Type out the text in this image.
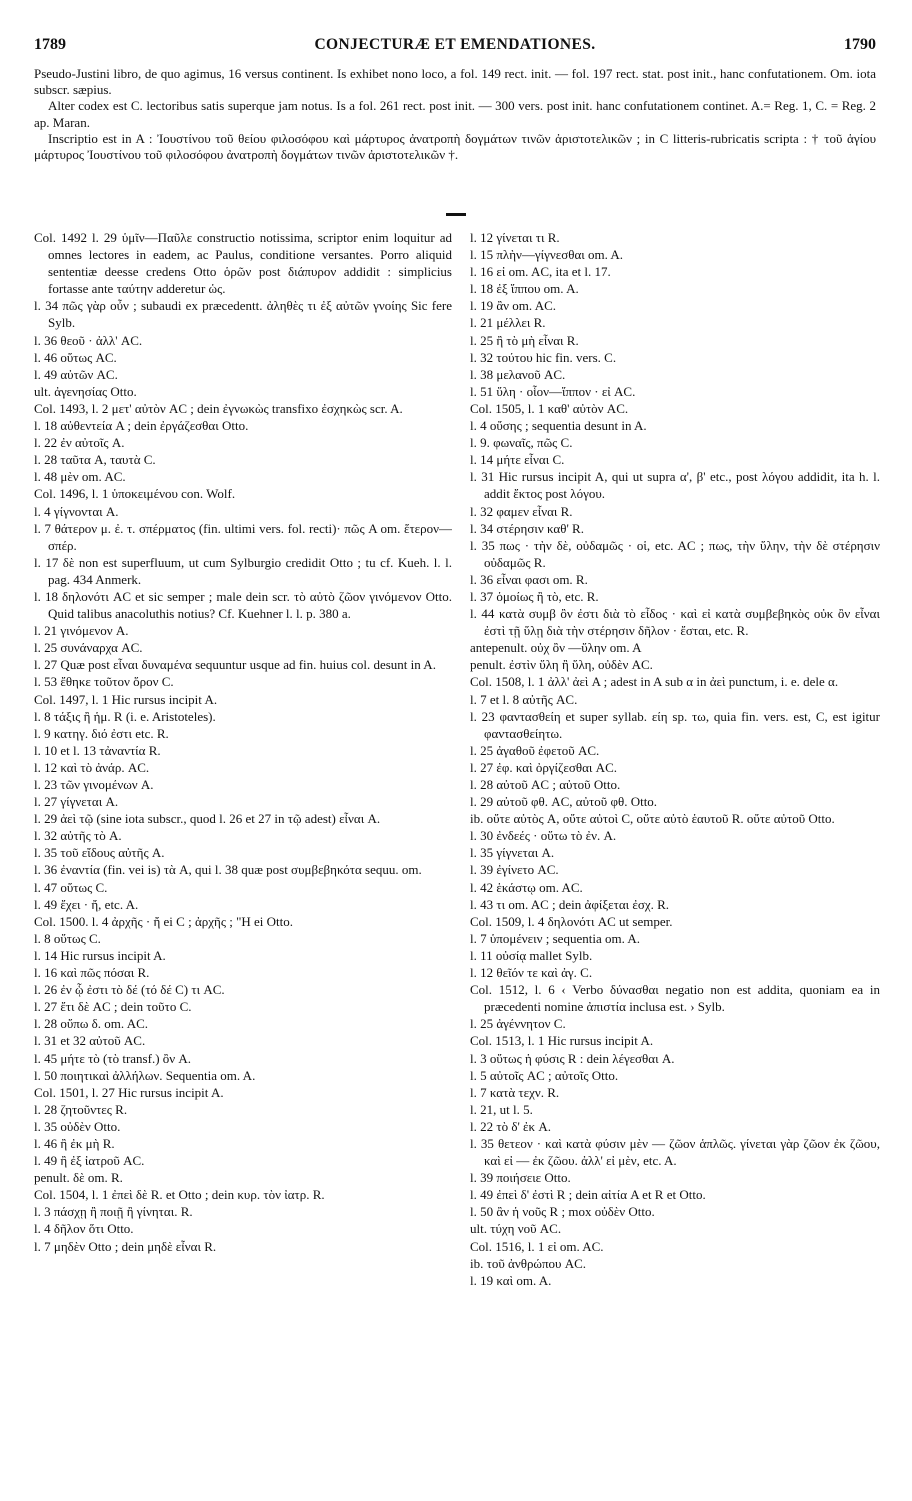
1789	CONJECTURÆ ET EMENDATIONES.	1790

Pseudo-Justini libro, de quo agimus, 16 versus continent. Is exhibet nono loco, a fol. 149 rect. init. — fol. 197 rect. stat. post init., hanc confutationem. Om. iota subscr. sæpius.

Alter codex est C. lectoribus satis superque jam notus. Is a fol. 261 rect. post init. — 300 vers. post init. hanc confutationem continet. A.= Reg. 1, C. = Reg. 2 ap. Maran.

Inscriptio est in A : Ἰουστίνου τοῦ θείου φιλοσόφου καὶ μάρτυρος ἀνατροπὴ δογμάτων τινῶν ἀριστοτελικῶν ; in C litteris-rubricatis scripta : † τοῦ ἁγίου μάρτυρος Ἰουστίνου τοῦ φιλοσόφου ἀνατροπὴ δογμάτων τινῶν ἀριστοτελικῶν †.

Col. 1492 l. 29 ὑμῖν—Παῦλε constructio notissima, scriptor enim loquitur ad omnes lectores in eadem, ac Paulus, conditione versantes. Porro aliquid sententiæ deesse credens Otto ὁρῶν post διάπυρον addidit : simplicius fortasse ante ταύτην adderetur ὡς.
l. 34 πῶς γὰρ οὖν ; subaudi ex præcedentt. ἀληθὲς τι ἐξ αὐτῶν γνοίης Sic fere Sylb.
l. 36 θεοῦ · ἀλλ' AC.
l. 46 οὕτως AC.
l. 49 αὐτῶν AC.
ult. ἀγενησίας Otto.
Col. 1493, l. 2 μετ' αὐτὸν AC ; dein ἐγνωκὼς transfixo ἐσχηκὼς scr. A.
l. 18 αὐθεντεία A ; dein ἐργάζεσθαι Otto.
l. 22 ἐν αὐτοῖς A.
l. 28 ταῦτα A, ταυτὰ C.
l. 48 μὲν om. AC.
Col. 1496, l. 1 ὑποκειμένου con. Wolf.
l. 4 γίγνονται A.
l. 7 θάτερον μ. ἐ. τ. σπέρματος (fin. ultimi vers. fol. recti)· πῶς A om. ἕτερον—σπέρ.
l. 17 δὲ non est superfluum, ut cum Sylburgio credidit Otto ; tu cf. Kueh. l. l. pag. 434 Anmerk.
l. 18 δηλονότι AC et sic semper ; male dein scr. τὸ αὐτὸ ζῶον γινόμενον Otto. Quid talibus anacoluthis notius? Cf. Kuehner l. l. p. 380 a.
l. 21 γινόμενον A.
l. 25 συνάναρχα AC.
l. 27 Quæ post εἶναι δυναμένα sequuntur usque ad fin. huius col. desunt in A.
l. 53 ἔθηκε τοῦτον ὅρον C.
Col. 1497, l. 1 Hic rursus incipit A.
l. 8 τάξις ἢ ἡμ. R (i. e. Aristoteles).
l. 9 κατηγ. διό ἐστι etc. R.
l. 10 et l. 13 τἀναντία R.
l. 12 καὶ τὸ ἀνάρ. AC.
l. 23 τῶν γινομένων A.
l. 27 γίγνεται A.
l. 29 ἀεὶ τῷ (sine iota subscr., quod l. 26 et 27 in τῷ adest) εἶναι A.
l. 32 αὐτῆς τὸ A.
l. 35 τοῦ εἴδους αὐτῆς A.
l. 36 ἐναντία (fin. vei is) τὰ A, qui l. 38 quæ post συμβεβηκότα sequu. om.
l. 47 οὕτως C.
l. 49 ἔχει · ἤ, etc. A.
Col. 1500. l. 4 ἀρχῆς · ἤ ei C ; ἀρχῆς ; "H ei Otto.
l. 8 οὕτως C.
l. 14 Hic rursus incipit A.
l. 16 καὶ πῶς πόσαι R.
l. 26 ἐν ᾧ ἐστι τὸ δέ (τό δέ C) τι AC.
l. 27 ἔτι δὲ AC ; dein τοῦτο C.
l. 28 οὔπω δ. om. AC.
l. 31 et 32 αὐτοῦ AC.
l. 45 μήτε τὸ (τὸ transf.) ὂν A.
l. 50 ποιητικαὶ ἀλλήλων. Sequentia om. A.
Col. 1501, l. 27 Hic rursus incipit A.
l. 28 ζητοῦντες R.
l. 35 οὐδὲν Otto.
l. 46 ἢ ἐκ μὴ R.
l. 49 ἢ ἐξ ἰατροῦ AC.
penult. δὲ om. R.
Col. 1504, l. 1 ἐπεὶ δὲ R. et Otto ; dein κυρ. τὸν ἰατρ. R.
l. 3 πάσχῃ ἢ ποιῇ ἢ γίνηται. R.
l. 4 δῆλον ὅτι Otto.
l. 7 μηδὲν Otto ; dein μηδὲ εἶναι R.
l. 12 γίνεται τι R.
l. 15 πλὴν—γίγνεσθαι om. A.
l. 16 εἰ om. AC, ita et l. 17.
l. 18 ἐξ ἵππου om. A.
l. 19 ἂν om. AC.
l. 21 μέλλει R.
l. 25 ἢ τὸ μὴ εἶναι R.
l. 32 τούτου hic fin. vers. C.
l. 38 μελανοῦ AC.
l. 51 ὕλη · οἷον—ἵππον · εἰ AC.
Col. 1505, l. 1 καθ' αὐτὸν AC.
l. 4 οὔσης ; sequentia desunt in A.
l. 9. φωναῖς, πῶς C.
l. 14 μήτε εἶναι C.
l. 31 Hic rursus incipit A, qui ut supra α', β' etc., post λόγου addidit, ita h. l. addit ἔκτος post λόγου.
l. 32 φαμεν εἶναι R.
l. 34 στέρησιν καθ' R.
l. 35 πως · τὴν δὲ, οὐδαμῶς · οἱ, etc. AC ; πως, τὴν ὕλην, τὴν δὲ στέρησιν οὐδαμῶς R.
l. 36 εἶναι φασι om. R.
l. 37 ὁμοίως ἢ τὸ, etc. R.
l. 44 κατὰ συμβ ὂν ἐστι διὰ τὸ εἶδος · καὶ εἰ κατὰ συμβεβηκὸς οὐκ ὂν εἶναι ἐστὶ τῇ ὕλῃ διὰ τὴν στέρησιν δῆλον · ἔσται, etc. R.
antepenult. οὐχ ὂν —ὕλην om. A
penult. ἐστὶν ὕλη ἢ ὕλη, οὐδὲν AC.
Col. 1508, l. 1 ἀλλ' ἀεὶ A ; adest in A sub α in ἀεὶ punctum, i. e. dele α.
l. 7 et l. 8 αὐτῆς AC.
l. 23 φαντασθείη et super syllab. είη sp. τω, quia fin. vers. est, C, est igitur φαντασθείητω.
l. 25 ἀγαθοῦ ἐφετοῦ AC.
l. 27 ἐφ. καὶ ὀργίζεσθαι AC.
l. 28 αὐτοῦ AC ; αὐτοῦ Otto.
l. 29 αὐτοῦ φθ. AC, αὐτοῦ φθ. Otto.
ib. οὔτε αὐτὸς A, οὔτε αὐτοὶ C, οὔτε αὐτὸ ἑαυτοῦ R. οὔτε αὐτοῦ Otto.
l. 30 ἐνδεές · οὕτω τὸ ἐν. A.
l. 35 γίγνεται A.
l. 39 ἐγίνετο AC.
l. 42 ἑκάστῳ om. AC.
l. 43 τι om. AC ; dein ἀφίξεται ἐσχ. R.
Col. 1509, l. 4 δηλονότι AC ut semper.
l. 7 ὑπομένειν ; sequentia om. A.
l. 11 οὐσίᾳ mallet Sylb.
l. 12 θεῖόν τε καὶ ἀγ. C.
Col. 1512, l. 6 ‹ Verbo δύνασθαι negatio non est addita, quoniam ea in præcedenti nomine ἀπιστία inclusa est. › Sylb.
l. 25 ἀγέννητον C.
Col. 1513, l. 1 Hic rursus incipit A.
l. 3 οὕτως ἡ φύσις R : dein λέγεσθαι A.
l. 5 αὐτοῖς AC ; αὐτοῖς Otto.
l. 7 κατὰ τεχν. R.
l. 21, ut l. 5.
l. 22 τὸ δ' ἐκ A.
l. 35 θετεον · καὶ κατὰ φύσιν μὲν — ζῶον ἁπλῶς. γίνεται γὰρ ζῶον ἐκ ζῶου, καὶ εἰ — ἐκ ζῶου. ἀλλ' εἰ μὲν, etc. A.
l. 39 ποιήσειε Otto.
l. 49 ἐπεὶ δ' ἐστὶ R ; dein αἰτία A et R et Otto.
l. 50 ἂν ἡ νοῦς R ; mox οὐδὲν Otto.
ult. τύχη νοῦ AC.
Col. 1516, l. 1 εἰ om. AC.
ib. τοῦ ἀνθρώπου AC.
l. 19 καὶ om. A.
